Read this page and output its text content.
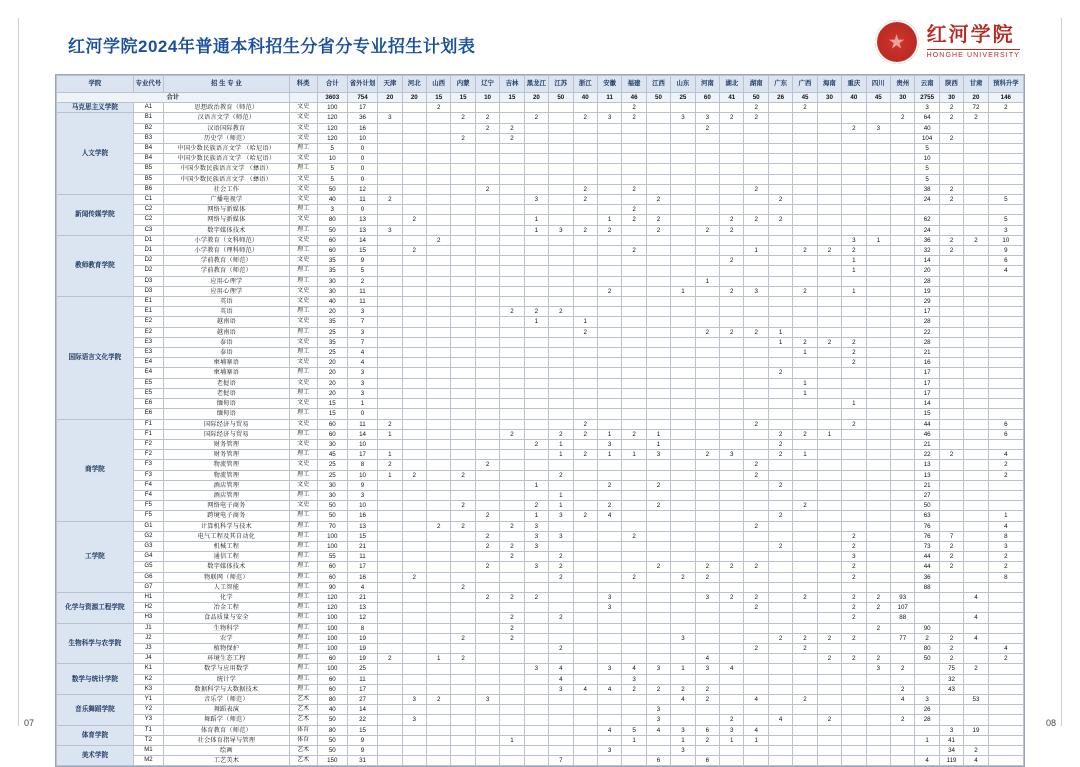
红河学院2024年普通本科招生分省分专业招生计划表
红河学院
HONGHE UNIVERSITY
学院	专业代号	招 生 专 业	科类	合计	省外计划	天津	河北	山西	内蒙	辽宁	吉林	黑龙江	江苏	浙江	安徽	福建	江西	山东	河南	湖北	湖南	广东	广西	海南	重庆	四川	贵州	云南	陕西	甘肃	预科升学
合计				3603	754	20	20	15	15	10	15	20	50	40	11	46	50	25	60	41	50	26	45	30	40	45	30	2755	30	20	146
马克思主义学院	A1	思想政治教育（师范）	文史	100	17			2								2					2		2					3	2	72	2
人文学院	B1	汉语言文学（师范）	文史	120	36	3			2	2		2		2	3	2		3	3	2	2						2	64	2	2	
	B2	汉语国际教育	文史	120	16					2	2								2						2	3		40			
	B3	历史学（师范）	文史	120	10				2		2																	104	2		
	B4	中国少数民族语言文学 （哈尼语）	理工	5	0																							5			
	B4	中国少数民族语言文学 （哈尼语）	文史	10	0																							10			
	B5	中国少数民族语言文学 （彝语）	理工	5	0																							5			
	B5	中国少数民族语言文学 （彝语）	文史	5	0																							5			
	B6	社会工作	文史	50	12					2				2		2					2							38	2		
新闻传媒学院	C1	广播电视学	文史	40	11	2						3		2			2					2						24	2		5
	C2	网络与新媒体	理工	3	0											2															
	C2	网络与新媒体	文史	80	13		2					1			1	2	2			2	2	2						62			5
	C3	数字媒体技术	理工	50	13	3						1	3	2	2		2		2	2								24			3
教师教育学院	D1	小学教育（文科师范）	文史	60	14			2																	3	1		36	2	2	10
	D1	小学教育（理科师范）	理工	60	15		2									2					1		2	2	2			32	2		9
	D2	学前教育（师范）	文史	35	9															2					1			14			6
	D2	学前教育（师范）	理工	35	5																				1			20			4
	D3	应用心理学	理工	30	2														1									28			
	D3	应用心理学	文史	30	11										2			1		2	3		2		1			19			
国际语言文化学院	E1	英语	文史	40	11																							29			
	E1	英语	理工	20	3						2	2	2															17			
	E2	越南语	文史	35	7							1		1														28			
	E2	越南语	理工	25	3									2					2	2	2	1						22			
	E3	泰语	文史	35	7																	1	2	2	2			28			
	E3	泰语	理工	25	4																		1		2			21			
	E4	柬埔寨语	文史	20	4																				2			16			
	E4	柬埔寨语	理工	20	3																	2						17			
	E5	老挝语	文史	20	3																		1					17			
	E5	老挝语	理工	20	3																		1					17			
	E6	缅甸语	文史	15	1																				1			14			
	E6	缅甸语	理工	15	0																							15			
商学院	F1	国际经济与贸易	文史	60	11	2								2							2				2			44			6
	F1	国际经济与贸易	理工	60	14	1					2		2	2	1	2	1					2	2	1				46			6
	F2	财务管理	文史	30	10							2	1		3		1					2						21			
	F2	财务管理	理工	45	17	1							1	2	1	1	3		2	3		2	1					22	2		4
	F3	物流管理	文史	25	8	2				2											2							13			2
	F3	物流管理	理工	25	10	1	2		2				2								2							13			2
	F4	酒店管理	文史	30	9							1			2		2					2						21			
	F4	酒店管理	理工	30	3								1															27			
	F5	网络电子商务	文史	50	10				2			2	1		2		2						2					50			
	F5	跨境电子商务	理工	50	16					2		1	3	2	4							2						63			1
工学院	G1	计算机科学与技术	理工	70	13			2	2		2	3									2							76			4
	G2	电气工程及其自动化	理工	100	15					2		3	3			2									2			76	7		8
	G3	机械工程	理工	100	21					2	2	3										2			2			73	2		3
	G4	通信工程	理工	55	11						2		2												3			44	2		2
	G5	数字媒体技术	理工	60	17					2		3	2				2		2	2	2				2			44	2		2
	G6	物联网（师范）	理工	60	16		2						2			2		2	2						2			36			8
	G7	人工智能	理工	90	4				2																			88			
化学与资源工程学院	H1	化学	理工	120	21					2	2	2			3				3	2	2		2		2	2	93			4	
	H2	冶金工程	理工	120	13										3						2				2	2	107				
	H3	食品质量与安全	理工	100	12						2		2												2		88			4	
生物科学与农学院	J1	生物科学	理工	100	8						2															2		90			
	J2	农学	理工	100	19				2		2							3				2	2	2	2		77	2	2	4	
	J3	植物保护	理工	100	19								2								2		2					80	2		4
	J4	环境生态工程	理工	60	19	2		1	2										4					2	2	2		50	2		2
数学与统计学院	K1	数学与应用数学	理工	100	25							3	4		3	4	3	1	3	4						3	2		75	2	
	K2	统计学	理工	60	11								4			3													32		
	K3	数据科学与大数据技术	理工	60	17								3	4	4	2	2	2	2								2		43		
音乐舞蹈学院	Y1	音乐学（师范）	艺术	80	27		3	2		3								4	2		4		2				4	3		53	
	Y2	舞蹈表演	艺术	40	14												3											26			
	Y3	舞蹈学（师范）	艺术	50	22		3										3			2		4		2			2	28			
体育学院	T1	体育教育（师范）	体育	80	15										4	5	4	3	6	3	4								3	19	
	T2	社会体育指导与管理	体育	50	9						1					1		1	2	1	1							1	41		
美术学院	M1	绘画	艺术	50	9										3			3											34	2	
	M2	工艺美术	艺术	150	31								7				6		6									4	119	4	
07	08
